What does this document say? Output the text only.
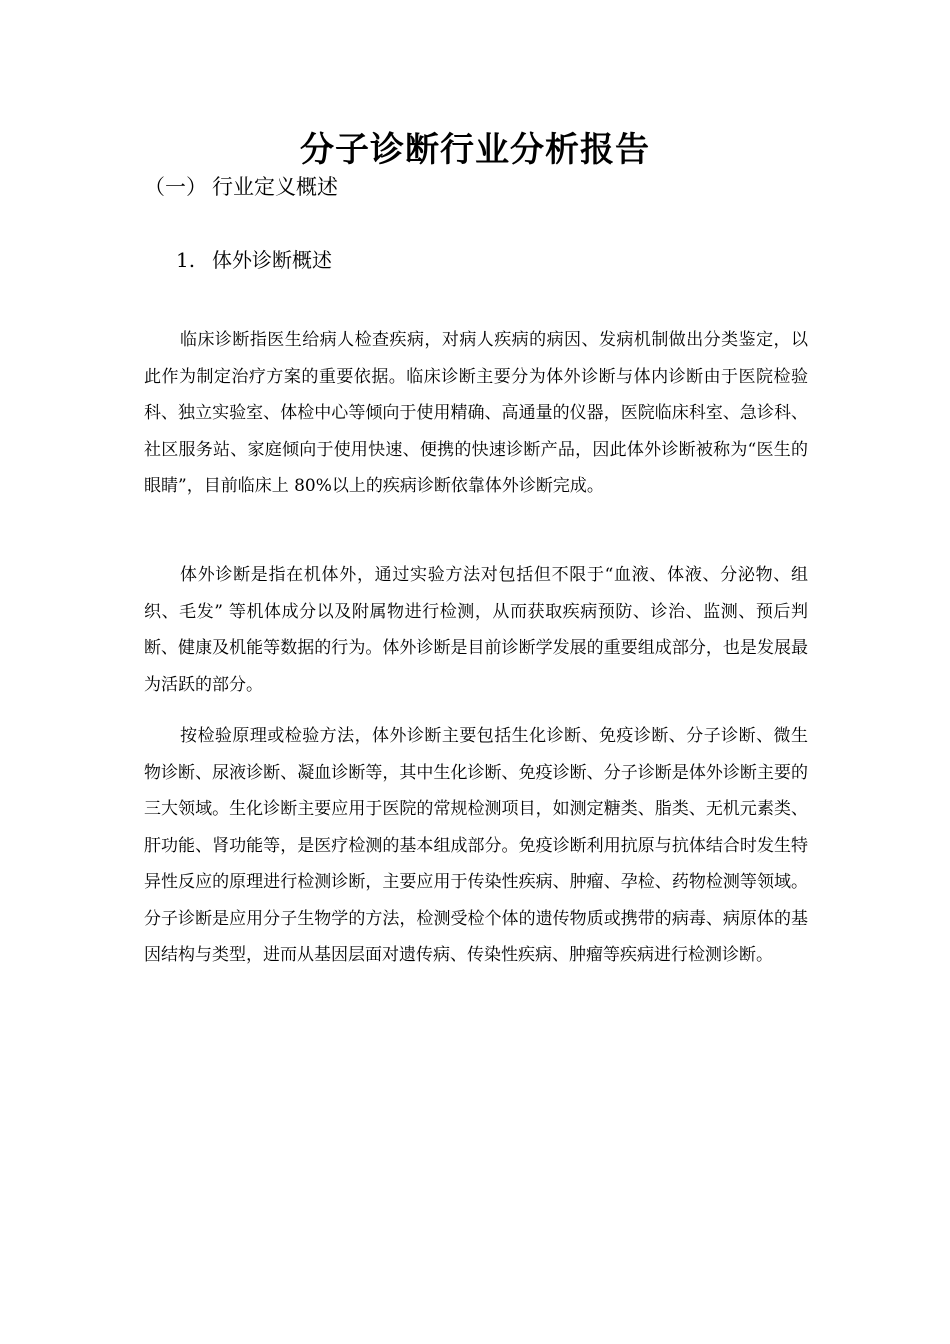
分子诊断行业分析报告
（一） 行业定义概述
1. 体外诊断概述

临床诊断指医生给病人检查疾病，对病人疾病的病因、发病机制做出分类鉴定，以此作为制定治疗方案的重要依据。临床诊断主要分为体外诊断与体内诊断由于医院检验科、独立实验室、体检中心等倾向于使用精确、高通量的仪器，医院临床科室、急诊科、社区服务站、家庭倾向于使用快速、便携的快速诊断产品，因此体外诊断被称为“医生的眼睛”，目前临床上 80%以上的疾病诊断依靠体外诊断完成。

体外诊断是指在机体外，通过实验方法对包括但不限于“血液、体液、分泌物、组织、毛发” 等机体成分以及附属物进行检测，从而获取疾病预防、诊治、监测、预后判断、健康及机能等数据的行为。体外诊断是目前诊断学发展的重要组成部分，也是发展最为活跃的部分。

按检验原理或检验方法，体外诊断主要包括生化诊断、免疫诊断、分子诊断、微生物诊断、尿液诊断、凝血诊断等，其中生化诊断、免疫诊断、分子诊断是体外诊断主要的三大领域。生化诊断主要应用于医院的常规检测项目，如测定糖类、脂类、无机元素类、肝功能、肾功能等，是医疗检测的基本组成部分。免疫诊断利用抗原与抗体结合时发生特异性反应的原理进行检测诊断，主要应用于传染性疾病、肿瘤、孕检、药物检测等领域。分子诊断是应用分子生物学的方法，检测受检个体的遗传物质或携带的病毒、病原体的基因结构与类型，进而从基因层面对遗传病、传染性疾病、肿瘤等疾病进行检测诊断。
